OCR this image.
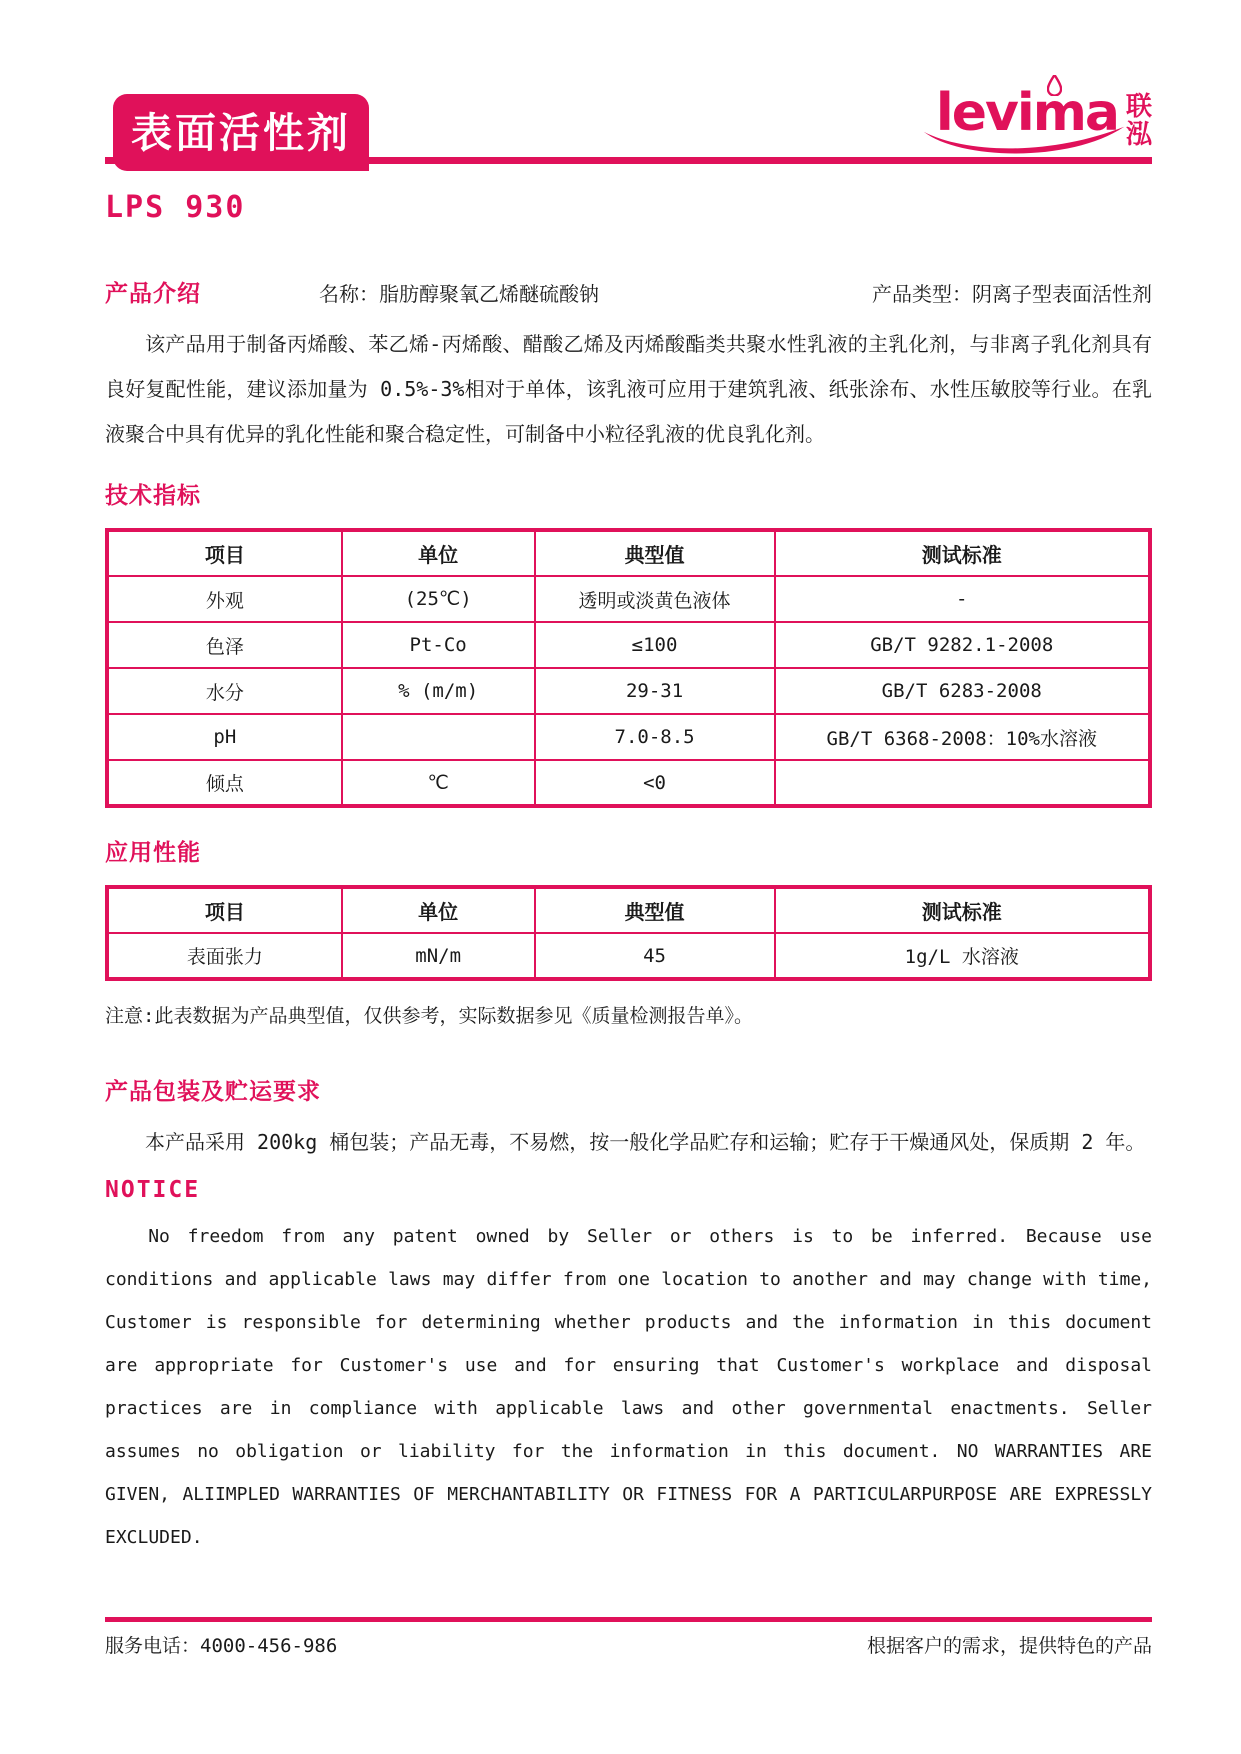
表面活性剂	levima 联
泓
LPS 930
产品介绍	名称：脂肪醇聚氧乙烯醚硫酸钠	产品类型：阴离子型表面活性剂

该产品用于制备丙烯酸、苯乙烯-丙烯酸、醋酸乙烯及丙烯酸酯类共聚水性乳液的主乳化剂，与非离子乳化剂具有良好复配性能，建议添加量为 0.5%-3%相对于单体，该乳液可应用于建筑乳液、纸张涂布、水性压敏胶等行业。在乳液聚合中具有优异的乳化性能和聚合稳定性，可制备中小粒径乳液的优良乳化剂。

技术指标
项目	单位	典型值	测试标准
外观	(25℃)	透明或淡黄色液体	-
色泽	Pt-Co	≤100	GB/T 9282.1-2008
水分	% (m/m)	29-31	GB/T 6283-2008
pH		7.0-8.5	GB/T 6368-2008：10%水溶液
倾点	℃	<0	
应用性能
项目	单位	典型值	测试标准
表面张力	mN/m	45	1g/L 水溶液

注意:此表数据为产品典型值，仅供参考，实际数据参见《质量检测报告单》。

产品包装及贮运要求

本产品采用 200kg 桶包装；产品无毒，不易燃，按一般化学品贮存和运输；贮存于干燥通风处，保质期 2 年。

NOTICE

No freedom from any patent owned by Seller or others is to be inferred. Because use conditions and applicable laws may differ from one location to another and may change with time, Customer is responsible for determining whether products and the information in this document are appropriate for Customer's use and for ensuring that Customer's workplace and disposal practices are in compliance with applicable laws and other governmental enactments. Seller assumes no obligation or liability for the information in this document. NO WARRANTIES ARE GIVEN, ALIIMPLED WARRANTIES OF MERCHANTABILITY OR FITNESS FOR A PARTICULARPURPOSE ARE EXPRESSLY EXCLUDED.

服务电话：4000-456-986	根据客户的需求，提供特色的产品
